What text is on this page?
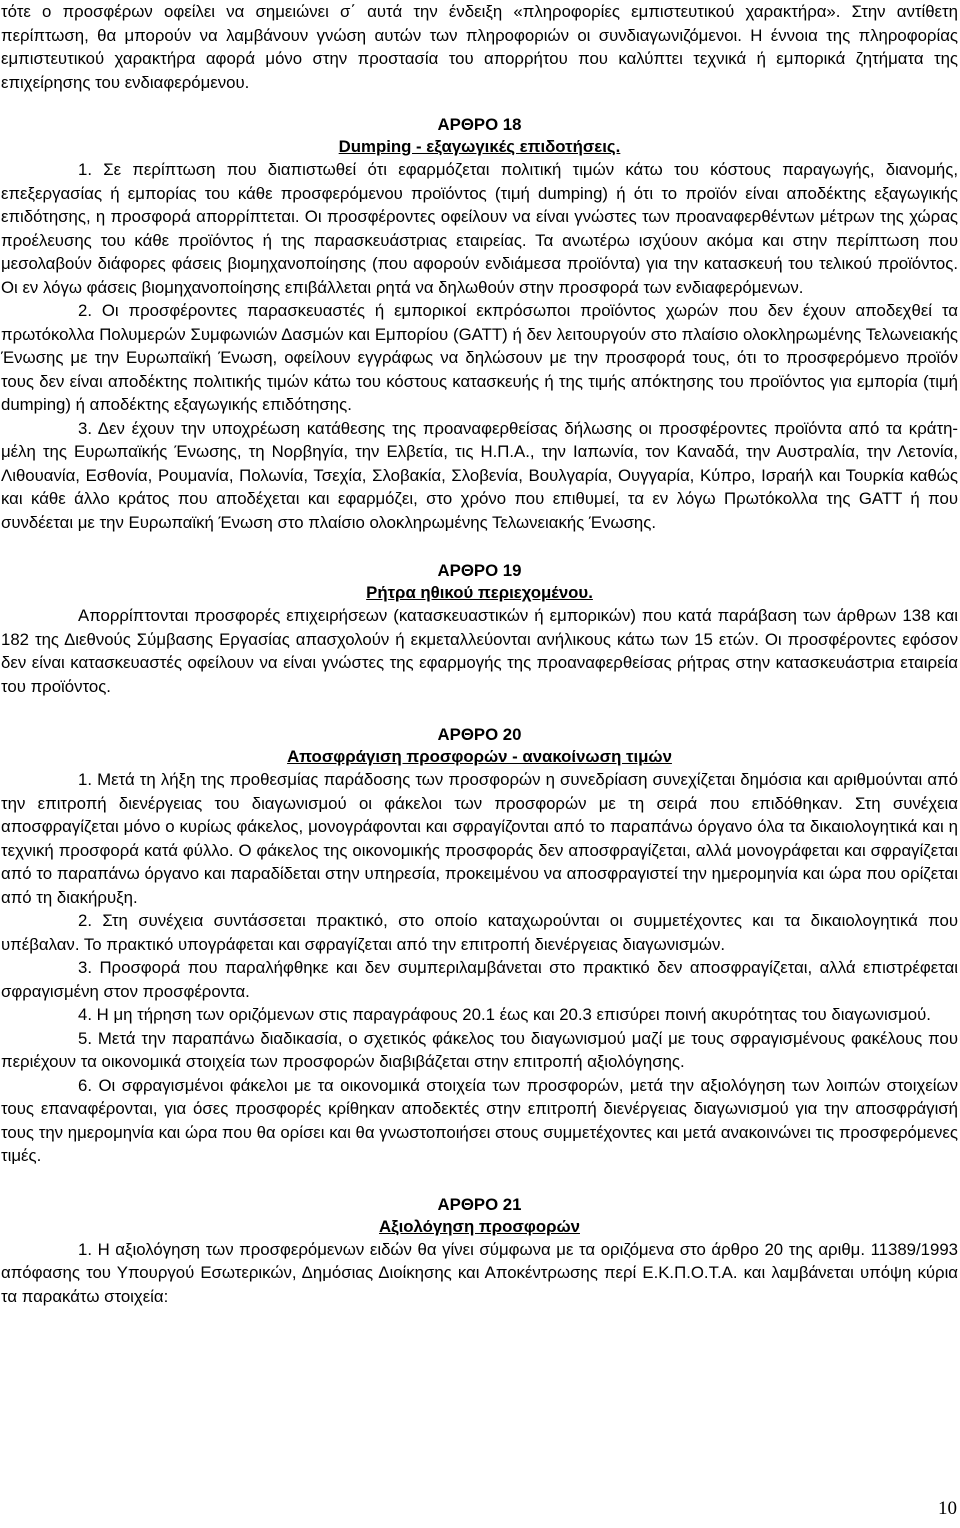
τότε ο προσφέρων οφείλει να σημειώνει σ΄ αυτά την ένδειξη «πληροφορίες εμπιστευτικού χαρακτήρα». Στην αντίθετη περίπτωση, θα μπορούν να λαμβάνουν γνώση αυτών των πληροφοριών οι συνδιαγωνιζόμενοι. Η έννοια της πληροφορίας εμπιστευτικού χαρακτήρα αφορά μόνο στην προστασία του απορρήτου που καλύπτει τεχνικά ή εμπορικά ζητήματα της επιχείρησης του ενδιαφερόμενου.

ΑΡΘΡΟ 18
Dumping - εξαγωγικές επιδοτήσεις.

1. Σε περίπτωση που διαπιστωθεί ότι εφαρμόζεται πολιτική τιμών κάτω του κόστους παραγωγής, διανομής, επεξεργασίας ή εμπορίας του κάθε προσφερόμενου προϊόντος (τιμή dumping) ή ότι το προϊόν είναι αποδέκτης εξαγωγικής επιδότησης, η προσφορά απορρίπτεται. Οι προσφέροντες οφείλουν να είναι γνώστες των προαναφερθέντων μέτρων της χώρας προέλευσης του κάθε προϊόντος ή της παρασκευάστριας εταιρείας. Τα ανωτέρω ισχύουν ακόμα και στην περίπτωση που μεσολαβούν διάφορες φάσεις βιομηχανοποίησης (που αφορούν ενδιάμεσα προϊόντα) για την κατασκευή του τελικού προϊόντος. Οι εν λόγω φάσεις βιομηχανοποίησης επιβάλλεται ρητά να δηλωθούν στην προσφορά των ενδιαφερόμενων.

2. Οι προσφέροντες παρασκευαστές ή εμπορικοί εκπρόσωποι προϊόντος χωρών που δεν έχουν αποδεχθεί τα πρωτόκολλα Πολυμερών Συμφωνιών Δασμών και Εμπορίου (GATT) ή δεν λειτουργούν στο πλαίσιο ολοκληρωμένης Τελωνειακής Ένωσης με την Ευρωπαϊκή Ένωση, οφείλουν εγγράφως να δηλώσουν με την προσφορά τους, ότι το προσφερόμενο προϊόν τους δεν είναι αποδέκτης πολιτικής τιμών κάτω του κόστους κατασκευής ή της τιμής απόκτησης του προϊόντος για εμπορία (τιμή dumping) ή αποδέκτης εξαγωγικής επιδότησης.

3. Δεν έχουν την υποχρέωση κατάθεσης της προαναφερθείσας δήλωσης οι προσφέροντες προϊόντα από τα κράτη-μέλη της Ευρωπαϊκής Ένωσης, τη Νορβηγία, την Ελβετία, τις Η.Π.Α., την Ιαπωνία, τον Καναδά, την Αυστραλία, την Λετονία, Λιθουανία, Εσθονία, Ρουμανία, Πολωνία, Τσεχία, Σλοβακία, Σλοβενία, Βουλγαρία, Ουγγαρία, Κύπρο, Ισραήλ και Τουρκία καθώς και κάθε άλλο κράτος που αποδέχεται και εφαρμόζει, στο χρόνο που επιθυμεί, τα εν λόγω Πρωτόκολλα της GATT ή που συνδέεται με την Ευρωπαϊκή Ένωση στο πλαίσιο ολοκληρωμένης Τελωνειακής Ένωσης.

ΑΡΘΡΟ 19
Ρήτρα ηθικού περιεχομένου.

Απορρίπτονται προσφορές επιχειρήσεων (κατασκευαστικών ή εμπορικών) που κατά παράβαση των άρθρων 138 και 182 της Διεθνούς Σύμβασης Εργασίας απασχολούν ή εκμεταλλεύονται ανήλικους κάτω των 15 ετών. Οι προσφέροντες εφόσον δεν είναι κατασκευαστές οφείλουν να είναι γνώστες της εφαρμογής της προαναφερθείσας ρήτρας στην κατασκευάστρια εταιρεία του προϊόντος.

ΑΡΘΡΟ 20
Αποσφράγιση προσφορών - ανακοίνωση τιμών

1. Μετά τη λήξη της προθεσμίας παράδοσης των προσφορών η συνεδρίαση συνεχίζεται δημόσια και αριθμούνται από την επιτροπή διενέργειας του διαγωνισμού οι φάκελοι των προσφορών με τη σειρά που επιδόθηκαν. Στη συνέχεια αποσφραγίζεται μόνο ο κυρίως φάκελος, μονογράφονται και σφραγίζονται από το παραπάνω όργανο όλα τα δικαιολογητικά και η τεχνική προσφορά κατά φύλλο. Ο φάκελος της οικονομικής προσφοράς δεν αποσφραγίζεται, αλλά μονογράφεται και σφραγίζεται από το παραπάνω όργανο και παραδίδεται στην υπηρεσία, προκειμένου να αποσφραγιστεί την ημερομηνία και ώρα που ορίζεται από τη διακήρυξη.

2. Στη συνέχεια συντάσσεται πρακτικό, στο οποίο καταχωρούνται οι συμμετέχοντες και τα δικαιολογητικά που υπέβαλαν. Το πρακτικό υπογράφεται και σφραγίζεται από την επιτροπή διενέργειας διαγωνισμών.

3. Προσφορά που παραλήφθηκε και δεν συμπεριλαμβάνεται στο πρακτικό δεν αποσφραγίζεται, αλλά επιστρέφεται σφραγισμένη στον προσφέροντα.

4. Η μη τήρηση των οριζόμενων στις παραγράφους 20.1 έως και 20.3 επισύρει ποινή ακυρότητας του διαγωνισμού.

5. Μετά την παραπάνω διαδικασία, ο σχετικός φάκελος του διαγωνισμού μαζί με τους σφραγισμένους φακέλους που περιέχουν τα οικονομικά στοιχεία των προσφορών διαβιβάζεται στην επιτροπή αξιολόγησης.

6. Οι σφραγισμένοι φάκελοι με τα οικονομικά στοιχεία των προσφορών, μετά την αξιολόγηση των λοιπών στοιχείων τους επαναφέρονται, για όσες προσφορές κρίθηκαν αποδεκτές στην επιτροπή διενέργειας διαγωνισμού για την αποσφράγισή τους την ημερομηνία και ώρα που θα ορίσει και θα γνωστοποιήσει στους συμμετέχοντες και μετά ανακοινώνει τις προσφερόμενες τιμές.

ΑΡΘΡΟ 21
Αξιολόγηση προσφορών

1. Η αξιολόγηση των προσφερόμενων ειδών θα γίνει σύμφωνα με τα οριζόμενα στο άρθρο 20 της αριθμ. 11389/1993 απόφασης του Υπουργού Εσωτερικών, Δημόσιας Διοίκησης και Αποκέντρωσης περί Ε.Κ.Π.Ο.Τ.Α. και λαμβάνεται υπόψη κύρια τα παρακάτω στοιχεία:

10
